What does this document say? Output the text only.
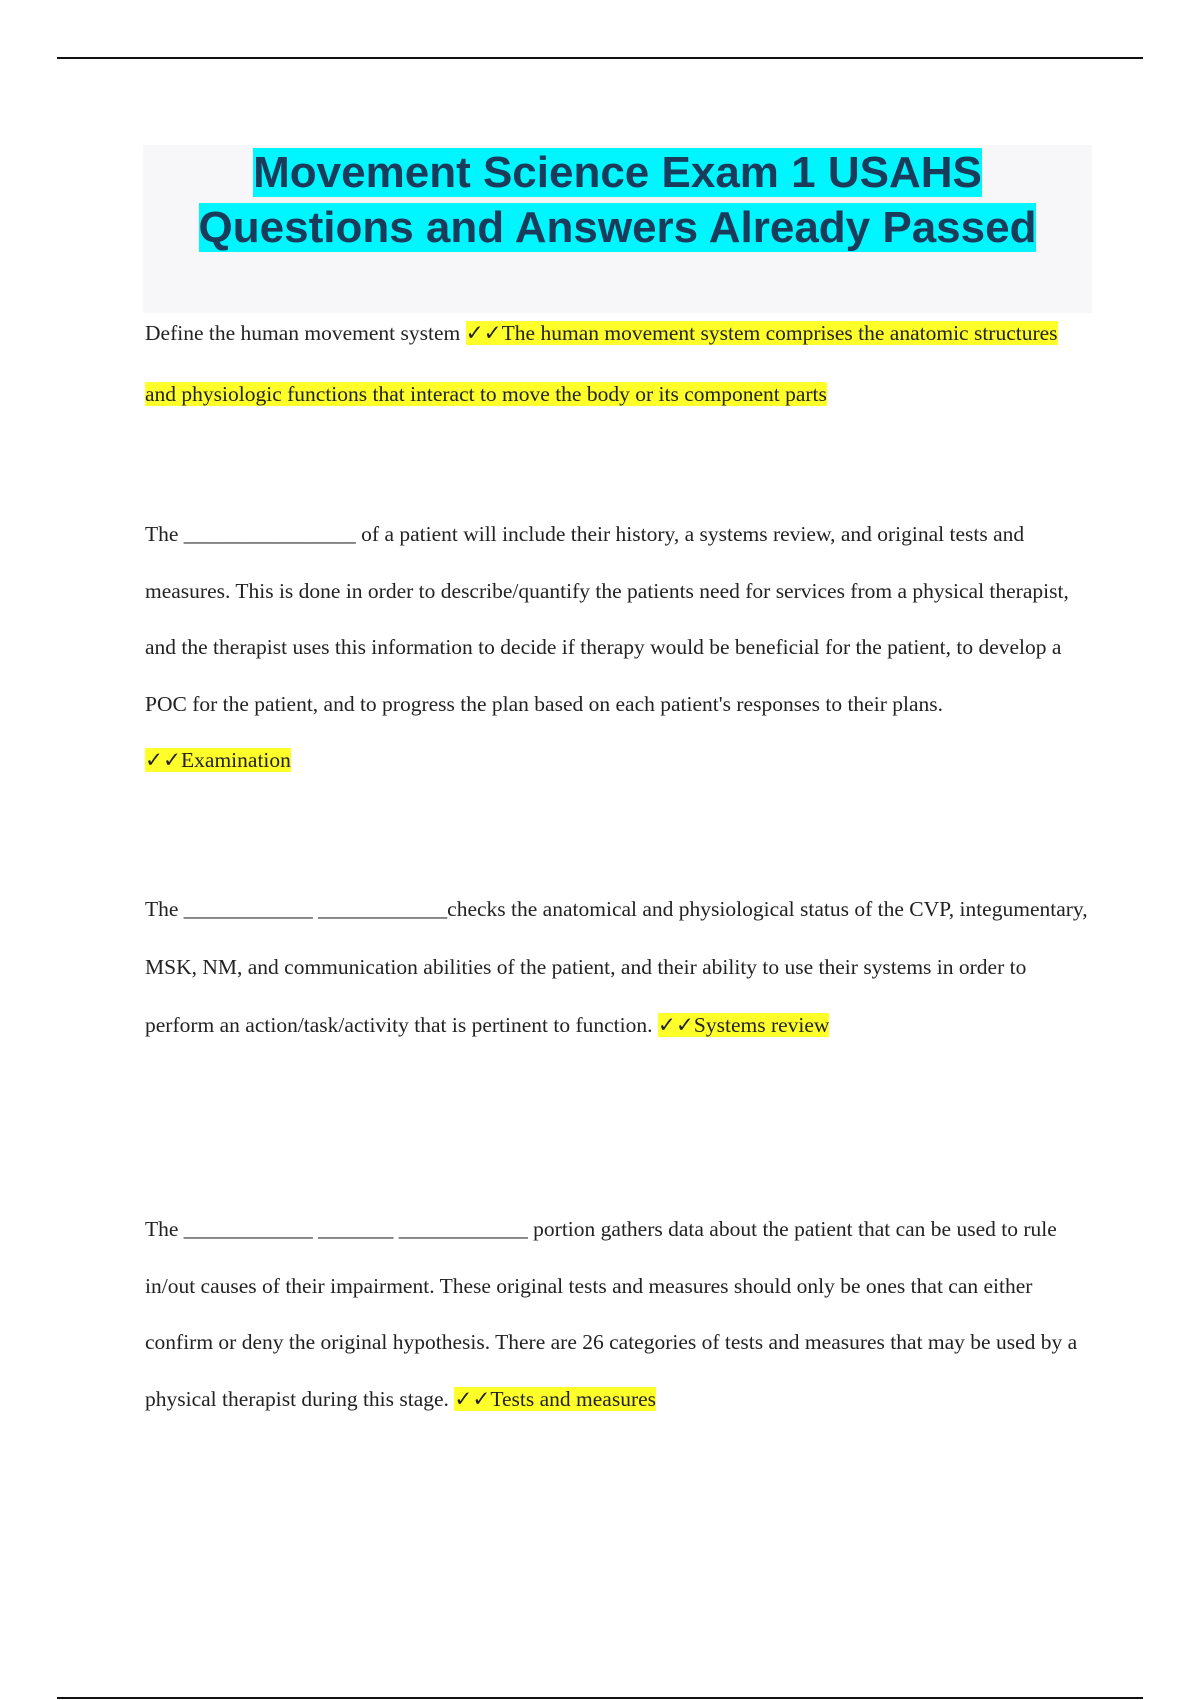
Movement Science Exam 1 USAHS
Questions and Answers Already Passed

Define the human movement system ✓✓The human movement system comprises the anatomic structures and physiologic functions that interact to move the body or its component parts

The ________________ of a patient will include their history, a systems review, and original tests and measures. This is done in order to describe/quantify the patients need for services from a physical therapist, and the therapist uses this information to decide if therapy would be beneficial for the patient, to develop a POC for the patient, and to progress the plan based on each patient's responses to their plans. ✓✓Examination

The ____________ ____________checks the anatomical and physiological status of the CVP, integumentary, MSK, NM, and communication abilities of the patient, and their ability to use their systems in order to perform an action/task/activity that is pertinent to function. ✓✓Systems review

The ____________ _______ ____________ portion gathers data about the patient that can be used to rule in/out causes of their impairment. These original tests and measures should only be ones that can either confirm or deny the original hypothesis. There are 26 categories of tests and measures that may be used by a physical therapist during this stage. ✓✓Tests and measures
